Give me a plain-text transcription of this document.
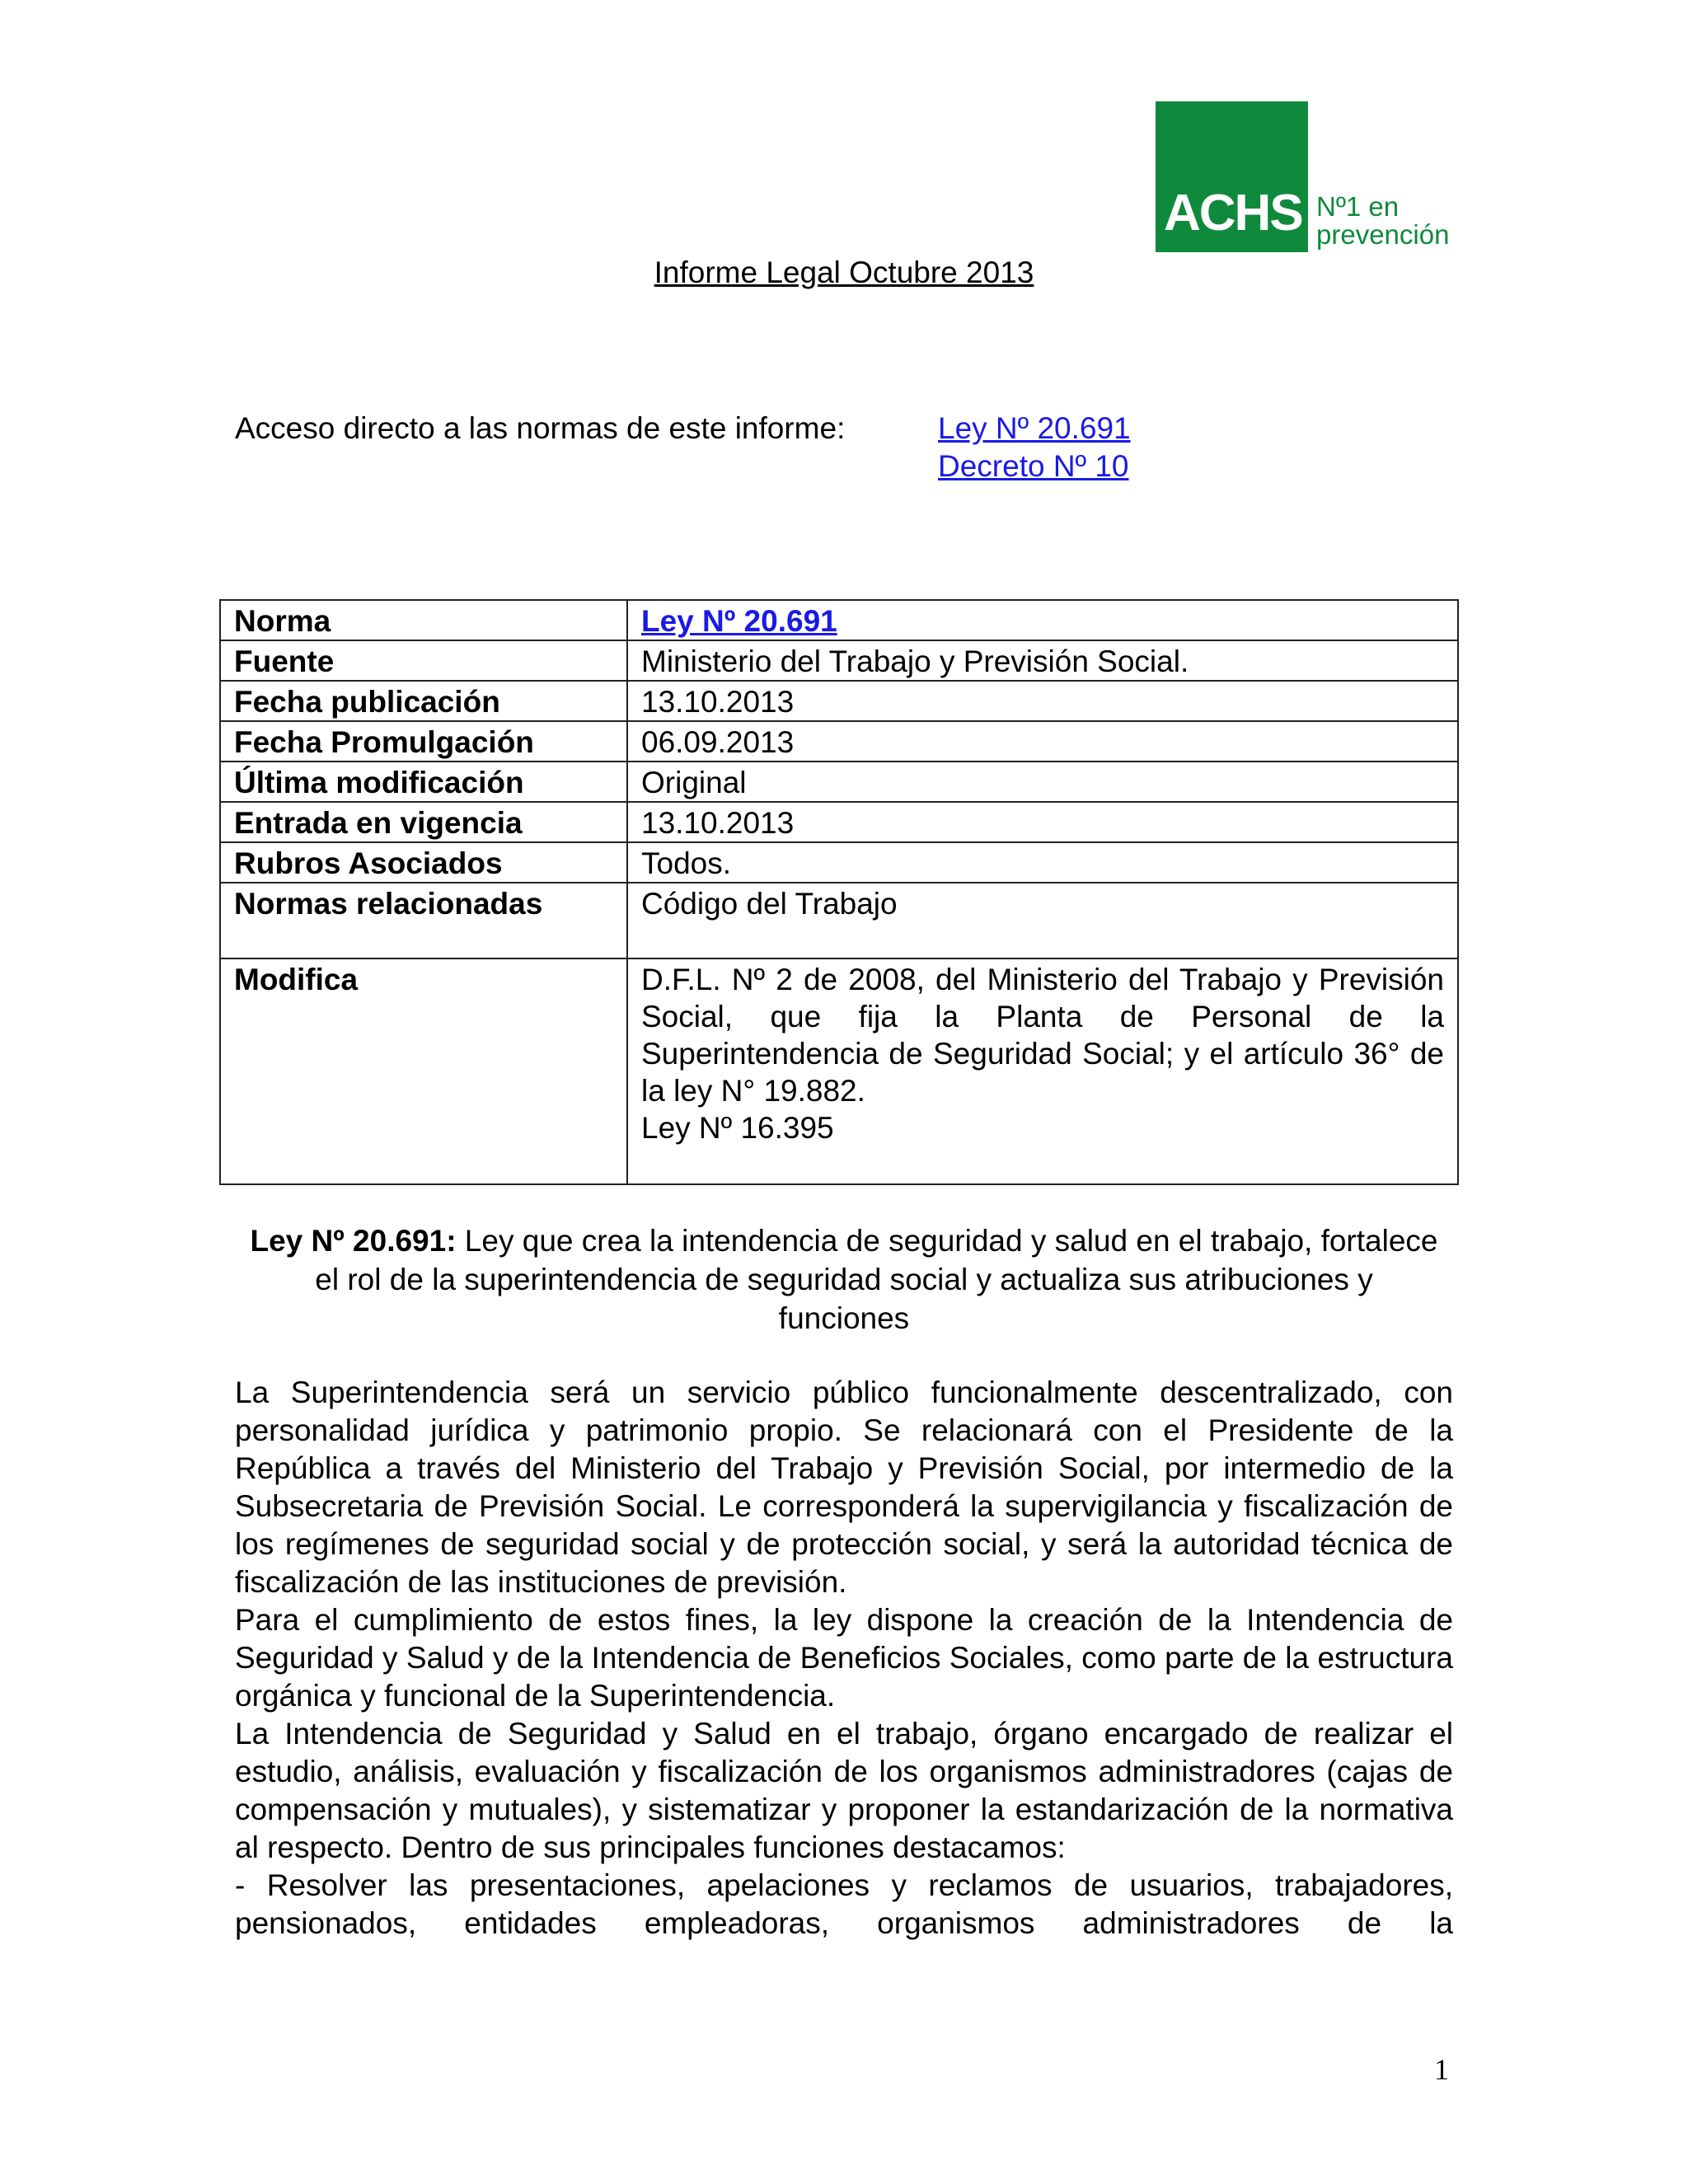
ACHS Nº1 en
prevención
Informe Legal Octubre 2013
Acceso directo a las normas de este informe:	Ley Nº 20.691
Decreto Nº 10
Norma	Ley Nº 20.691
Fuente	Ministerio del Trabajo y Previsión Social.
Fecha publicación	13.10.2013
Fecha Promulgación	06.09.2013
Última modificación	Original
Entrada en vigencia	13.10.2013
Rubros Asociados	Todos.
Normas relacionadas	Código del Trabajo
Modifica	D.F.L. Nº 2 de 2008, del Ministerio del Trabajo y Previsión Social, que fija la Planta de Personal de la Superintendencia de Seguridad Social; y el artículo 36° de la ley N° 19.882.
Ley Nº 16.395
Ley Nº 20.691: Ley que crea la intendencia de seguridad y salud en el trabajo, fortalece el rol de la superintendencia de seguridad social y actualiza sus atribuciones y funciones

La Superintendencia será un servicio público funcionalmente descentralizado, con personalidad jurídica y patrimonio propio. Se relacionará con el Presidente de la República a través del Ministerio del Trabajo y Previsión Social, por intermedio de la Subsecretaria de Previsión Social. Le corresponderá la supervigilancia y fiscalización de los regímenes de seguridad social y de protección social, y será la autoridad técnica de fiscalización de las instituciones de previsión.

Para el cumplimiento de estos fines, la ley dispone la creación de la Intendencia de Seguridad y Salud y de la Intendencia de Beneficios Sociales, como parte de la estructura orgánica y funcional de la Superintendencia.

La Intendencia de Seguridad y Salud en el trabajo, órgano encargado de realizar el estudio, análisis, evaluación y fiscalización de los organismos administradores (cajas de compensación y mutuales), y sistematizar y proponer la estandarización de la normativa al respecto. Dentro de sus principales funciones destacamos:

- Resolver las presentaciones, apelaciones y reclamos de usuarios, trabajadores, pensionados, entidades empleadoras, organismos administradores de la

1
